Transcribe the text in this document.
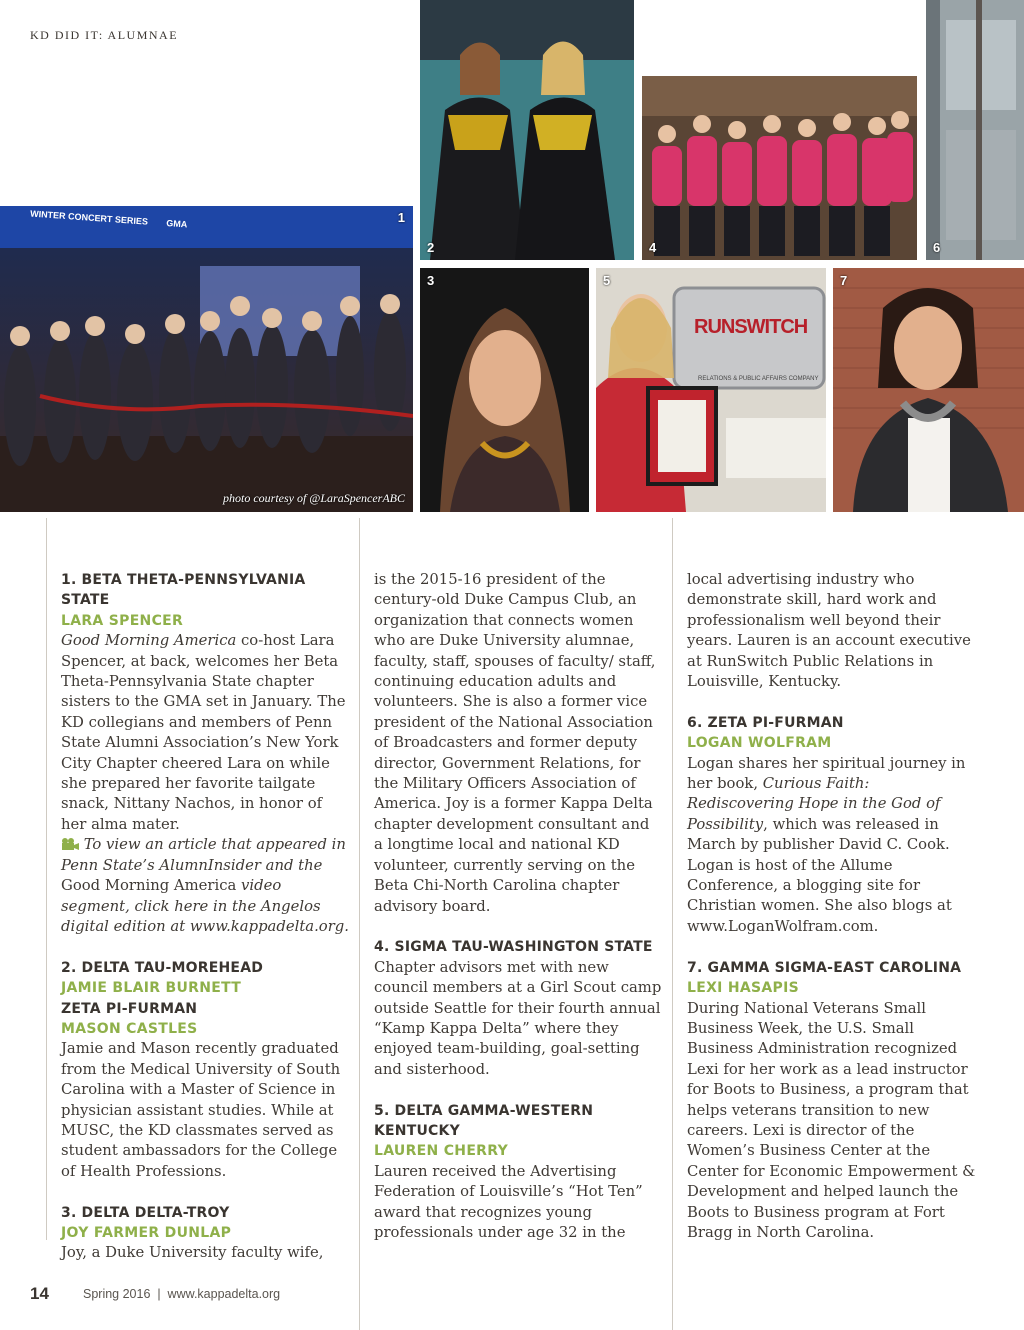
KD DID IT: ALUMNAE
WINTER CONCERT SERIES GMA	1
photo courtesy of @LaraSpencerABC
2	4	6
3
RUNSWITCH
RELATIONS & PUBLIC AFFAIRS COMPANY
5	7

1. BETA THETA-PENNSYLVANIA STATE

LARA SPENCER

Good Morning America co-host Lara Spencer, at back, welcomes her Beta Theta-Pennsylvania State chapter sisters to the GMA set in January. The KD collegians and members of Penn State Alumni Association’s New York City Chapter cheered Lara on while she prepared her favorite tailgate snack, Nittany Nachos, in honor of her alma mater.

To view an article that appeared in Penn State’s AlumnInsider and the Good Morning America video segment, click here in the Angelos digital edition at www.kappadelta.org.

2. DELTA TAU-MOREHEAD

JAMIE BLAIR BURNETT

ZETA PI-FURMAN

MASON CASTLES

Jamie and Mason recently graduated from the Medical University of South Carolina with a Master of Science in physician assistant studies. While at MUSC, the KD classmates served as student ambassadors for the College of Health Professions.

3. DELTA DELTA-TROY

JOY FARMER DUNLAP

Joy, a Duke University faculty wife,

is the 2015-16 president of the century-old Duke Campus Club, an organization that connects women who are Duke University alumnae, faculty, staff, spouses of faculty/ staff, continuing education adults and volunteers. She is also a former vice president of the National Association of Broadcasters and former deputy director, Government Relations, for the Military Officers Association of America. Joy is a former Kappa Delta chapter development consultant and a longtime local and national KD volunteer, currently serving on the Beta Chi-North Carolina chapter advisory board.

4. SIGMA TAU-WASHINGTON STATE

Chapter advisors met with new council members at a Girl Scout camp outside Seattle for their fourth annual “Kamp Kappa Delta” where they enjoyed team-building, goal-setting and sisterhood.

5. DELTA GAMMA-WESTERN KENTUCKY

LAUREN CHERRY

Lauren received the Advertising Federation of Louisville’s “Hot Ten” award that recognizes young professionals under age 32 in the

local advertising industry who demonstrate skill, hard work and professionalism well beyond their years. Lauren is an account executive at RunSwitch Public Relations in Louisville, Kentucky.

6. ZETA PI-FURMAN

LOGAN WOLFRAM

Logan shares her spiritual journey in her book, Curious Faith: Rediscovering Hope in the God of Possibility, which was released in March by publisher David C. Cook. Logan is host of the Allume Conference, a blogging site for Christian women. She also blogs at www.LoganWolfram.com.

7. GAMMA SIGMA-EAST CAROLINA

LEXI HASAPIS

During National Veterans Small Business Week, the U.S. Small Business Administration recognized Lexi for her work as a lead instructor for Boots to Business, a program that helps veterans transition to new careers. Lexi is director of the Women’s Business Center at the Center for Economic Empowerment & Development and helped launch the Boots to Business program at Fort Bragg in North Carolina.

14	Spring 2016  |  www.kappadelta.org
